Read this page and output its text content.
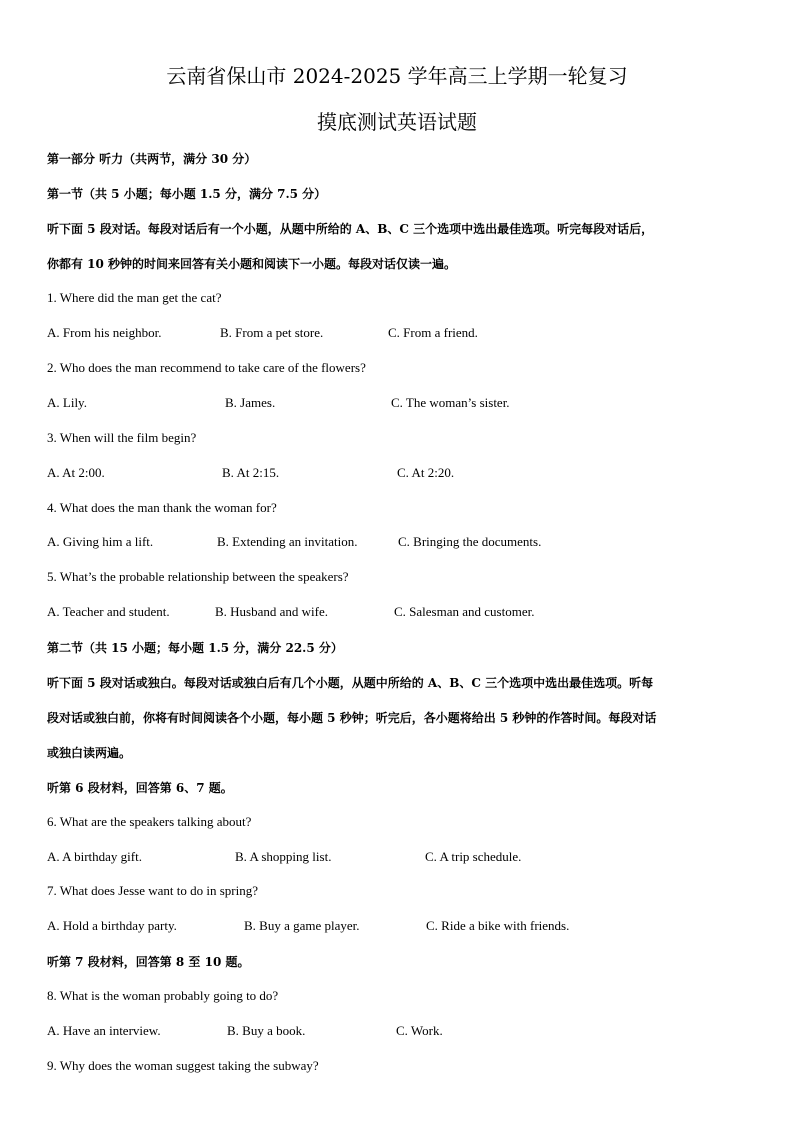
云南省保山市 2024-2025 学年高三上学期一轮复习
摸底测试英语试题
第一部分 听力（共两节，满分 30 分）
第一节（共 5 小题；每小题 1.5 分，满分 7.5 分）
听下面 5 段对话。每段对话后有一个小题，从题中所给的 A、B、C 三个选项中选出最佳选项。听完每段对话后，
你都有 10 秒钟的时间来回答有关小题和阅读下一小题。每段对话仅读一遍。
1. Where did the man get the cat?
A. From his neighbor.	B. From a pet store.	C. From a friend.
2. Who does the man recommend to take care of the flowers?
A. Lily.	B. James.	C. The woman’s sister.
3. When will the film begin?
A. At 2:00.	B. At 2:15.	C. At 2:20.
4. What does the man thank the woman for?
A. Giving him a lift.	B. Extending an invitation.	C. Bringing the documents.
5. What’s the probable relationship between the speakers?
A. Teacher and student.	B. Husband and wife.	C. Salesman and customer.
第二节（共 15 小题；每小题 1.5 分，满分 22.5 分）
听下面 5 段对话或独白。每段对话或独白后有几个小题，从题中所给的 A、B、C 三个选项中选出最佳选项。听每
段对话或独白前，你将有时间阅读各个小题，每小题 5 秒钟；听完后，各小题将给出 5 秒钟的作答时间。每段对话
或独白读两遍。
听第 6 段材料，回答第 6、7 题。
6. What are the speakers talking about?
A. A birthday gift.	B. A shopping list.	C. A trip schedule.
7. What does Jesse want to do in spring?
A. Hold a birthday party.	B. Buy a game player.	C. Ride a bike with friends.
听第 7 段材料，回答第 8 至 10 题。
8. What is the woman probably going to do?
A. Have an interview.	B. Buy a book.	C. Work.
9. Why does the woman suggest taking the subway?
